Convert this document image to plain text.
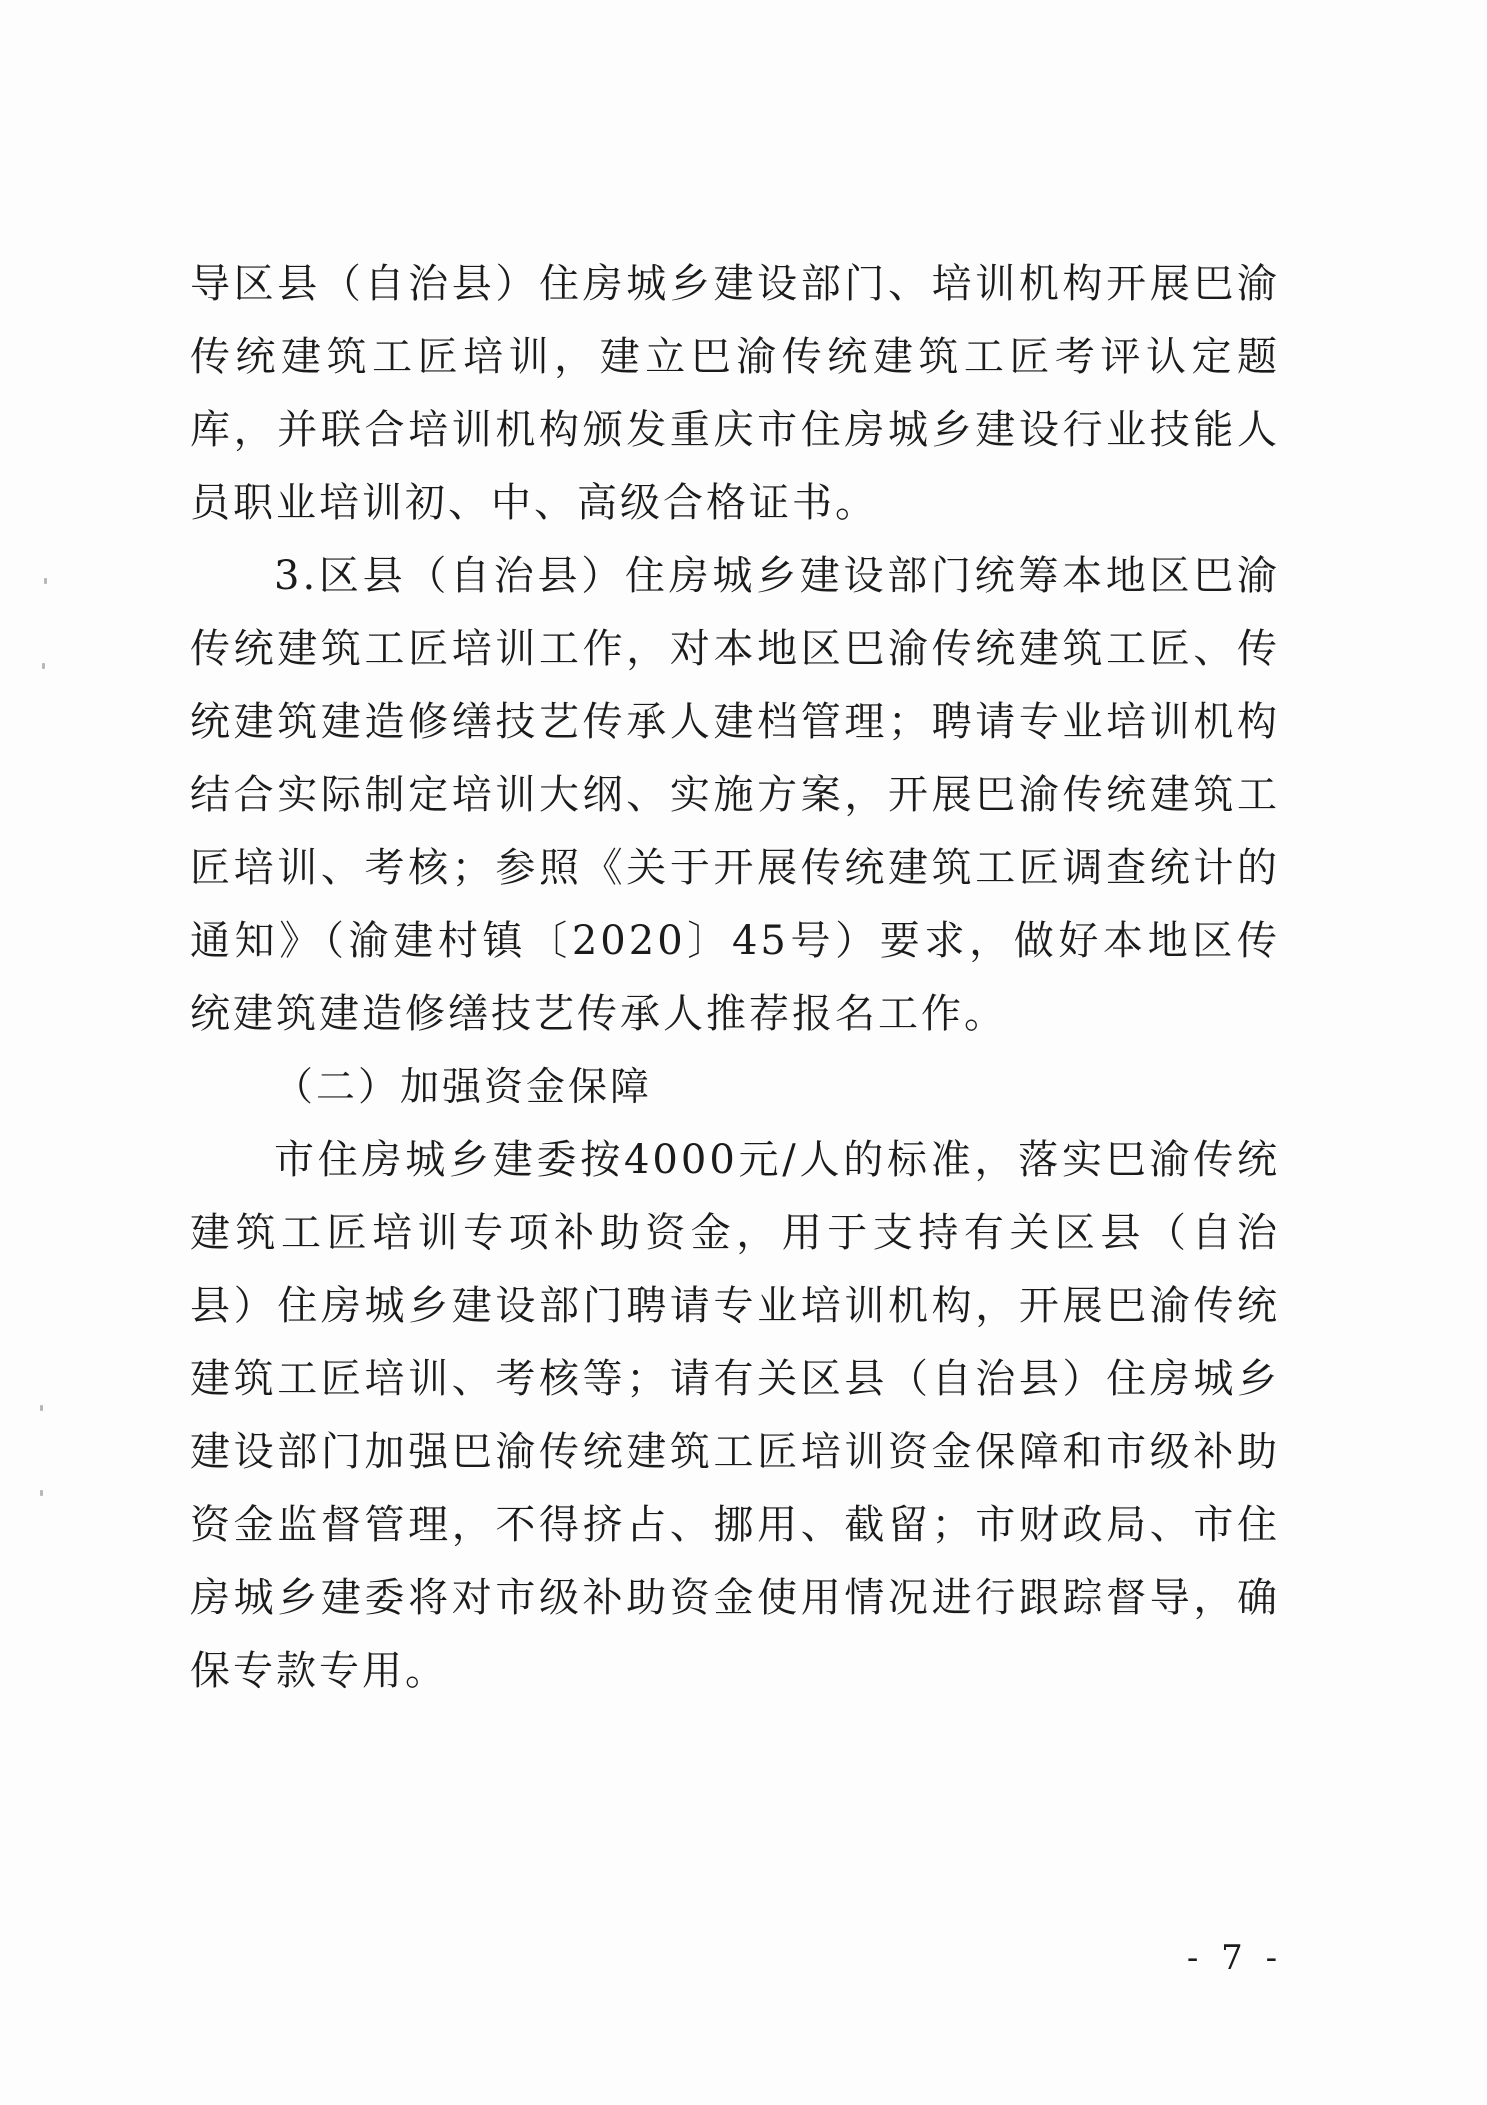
导区县（自治县）住房城乡建设部门、培训机构开展巴渝传统建筑工匠培训，建立巴渝传统建筑工匠考评认定题库，并联合培训机构颁发重庆市住房城乡建设行业技能人员职业培训初、中、高级合格证书。

3.区县（自治县）住房城乡建设部门统筹本地区巴渝传统建筑工匠培训工作，对本地区巴渝传统建筑工匠、传统建筑建造修缮技艺传承人建档管理；聘请专业培训机构结合实际制定培训大纲、实施方案，开展巴渝传统建筑工匠培训、考核；参照《关于开展传统建筑工匠调查统计的通知》（渝建村镇〔2020〕45号）要求，做好本地区传统建筑建造修缮技艺传承人推荐报名工作。

（二）加强资金保障

市住房城乡建委按4000元/人的标准，落实巴渝传统建筑工匠培训专项补助资金，用于支持有关区县（自治县）住房城乡建设部门聘请专业培训机构，开展巴渝传统建筑工匠培训、考核等；请有关区县（自治县）住房城乡建设部门加强巴渝传统建筑工匠培训资金保障和市级补助资金监督管理，不得挤占、挪用、截留；市财政局、市住房城乡建委将对市级补助资金使用情况进行跟踪督导，确保专款专用。

- 7 -
